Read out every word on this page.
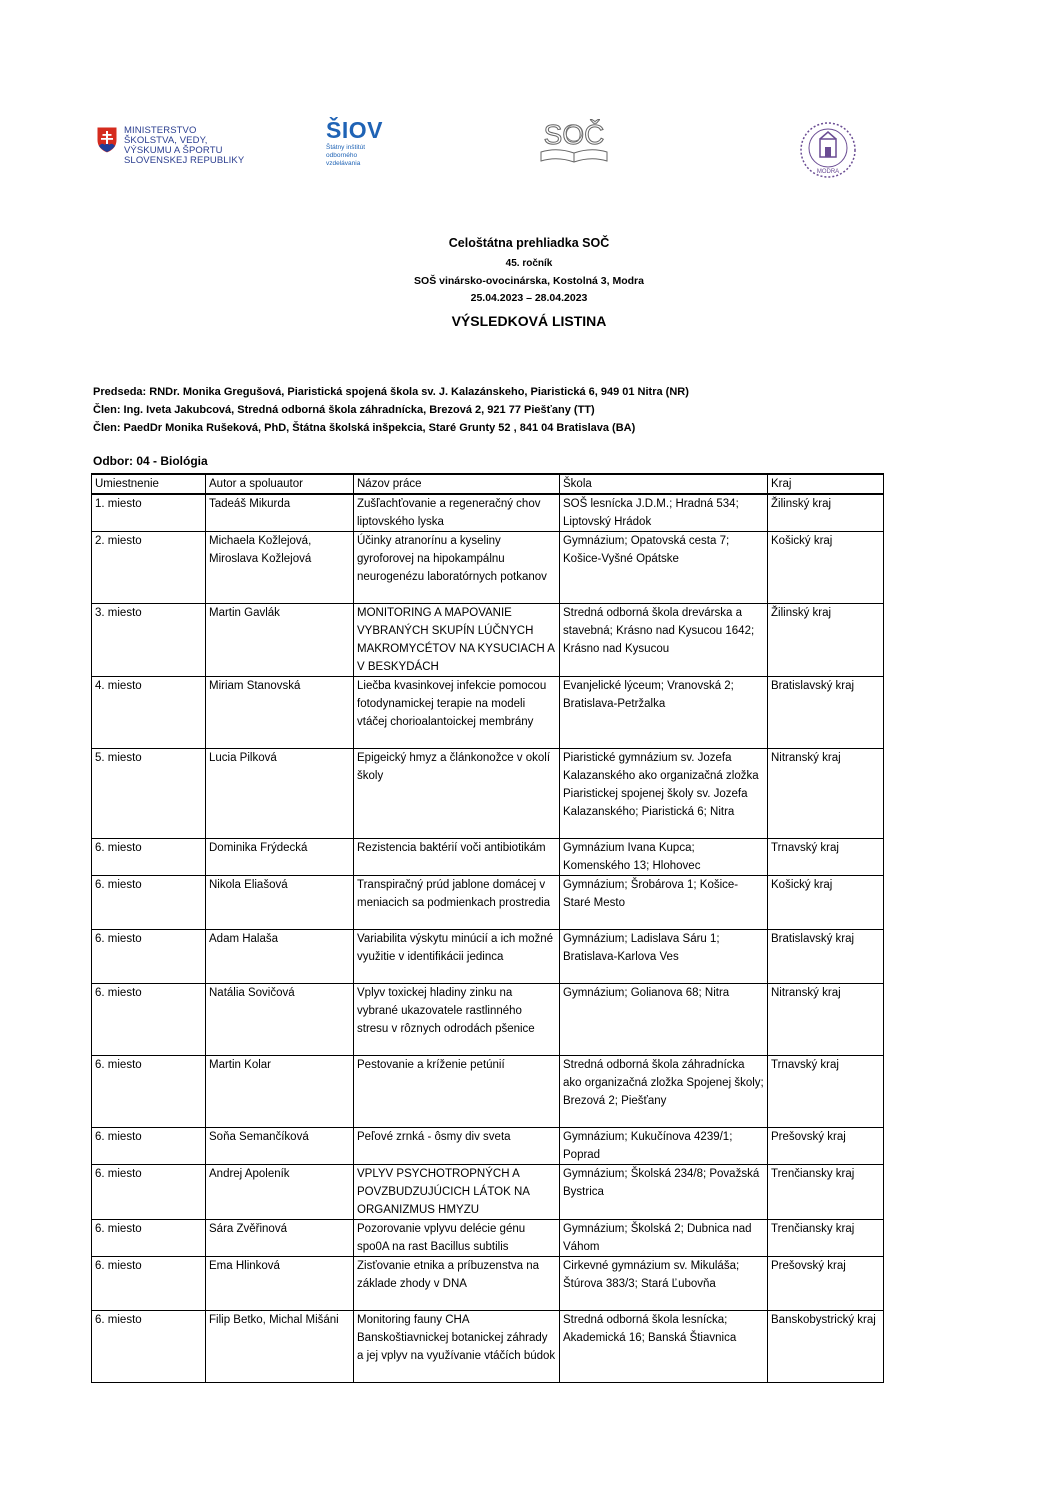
MINISTERSTVO
ŠKOLSTVA, VEDY,
VÝSKUMU A ŠPORTU
SLOVENSKEJ REPUBLIKY
ŠIOV
Štátny inštitút odborného vzdelávania
SOČ
MODRA
Celoštátna prehliadka SOČ
45. ročník
SOŠ vinársko-ovocinárska, Kostolná 3, Modra
25.04.2023 – 28.04.2023
VÝSLEDKOVÁ LISTINA
Predseda: RNDr. Monika Gregušová, Piaristická spojená škola sv. J. Kalazánskeho, Piaristická 6, 949 01 Nitra (NR)
Člen: Ing. Iveta Jakubcová, Stredná odborná škola záhradnícka, Brezová 2, 921 77 Piešťany (TT)
Člen: PaedDr Monika Rušeková, PhD, Štátna školská inšpekcia, Staré Grunty 52 , 841 04 Bratislava (BA)
Odbor: 04 - Biológia
Umiestnenie	Autor a spoluautor	Názov práce	Škola	Kraj
1. miesto	Tadeáš Mikurda	Zušľachťovanie a regeneračný chov liptovského lyska	SOŠ lesnícka J.D.M.; Hradná 534; Liptovský Hrádok	Žilinský kraj
2. miesto	Michaela Kožlejová, Miroslava Kožlejová	Účinky atranorínu a kyseliny gyroforovej na hipokampálnu neurogenézu laboratórnych potkanov	Gymnázium; Opatovská cesta 7; Košice-Vyšné Opátske	Košický kraj
3. miesto	Martin Gavlák	MONITORING A MAPOVANIE VYBRANÝCH SKUPÍN LÚČNYCH MAKROMYCÉTOV NA KYSUCIACH A V BESKYDÁCH	Stredná odborná škola drevárska a stavebná; Krásno nad Kysucou 1642; Krásno nad Kysucou	Žilinský kraj
4. miesto	Miriam Stanovská	Liečba kvasinkovej infekcie pomocou fotodynamickej terapie na modeli vtáčej chorioalantoickej membrány	Evanjelické lýceum; Vranovská 2; Bratislava-Petržalka	Bratislavský kraj
5. miesto	Lucia Pilková	Epigeický hmyz a článkonožce v okolí školy	Piaristické gymnázium sv. Jozefa Kalazanského ako organizačná zložka Piaristickej spojenej školy sv. Jozefa Kalazanského; Piaristická 6; Nitra	Nitranský kraj
6. miesto	Dominika Frýdecká	Rezistencia baktérií voči antibiotikám	Gymnázium Ivana Kupca; Komenského 13; Hlohovec	Trnavský kraj
6. miesto	Nikola Eliašová	Transpiračný prúd jablone domácej v meniacich sa podmienkach prostredia	Gymnázium; Šrobárova 1; Košice-Staré Mesto	Košický kraj
6. miesto	Adam Halaša	Variabilita výskytu minúcií a ich možné využitie v identifikácii jedinca	Gymnázium; Ladislava Sáru 1; Bratislava-Karlova Ves	Bratislavský kraj
6. miesto	Natália Sovičová	Vplyv toxickej hladiny zinku na vybrané ukazovatele rastlinného stresu v rôznych odrodách pšenice	Gymnázium; Golianova 68; Nitra	Nitranský kraj
6. miesto	Martin Kolar	Pestovanie a kríženie petúnií	Stredná odborná škola záhradnícka ako organizačná zložka Spojenej školy; Brezová 2; Piešťany	Trnavský kraj
6. miesto	Soňa Semančíková	Peľové zrnká - ôsmy div sveta	Gymnázium; Kukučínova 4239/1; Poprad	Prešovský kraj
6. miesto	Andrej Apoleník	VPLYV PSYCHOTROPNÝCH A POVZBUDZUJÚCICH LÁTOK NA ORGANIZMUS HMYZU	Gymnázium; Školská 234/8; Považská Bystrica	Trenčiansky kraj
6. miesto	Sára Zvěřinová	Pozorovanie vplyvu delécie génu spo0A na rast Bacillus subtilis	Gymnázium; Školská 2; Dubnica nad Váhom	Trenčiansky kraj
6. miesto	Ema Hlinková	Zisťovanie etnika a príbuzenstva na základe zhody v DNA	Cirkevné gymnázium sv. Mikuláša; Štúrova 383/3; Stará Ľubovňa	Prešovský kraj
6. miesto	Filip Betko, Michal Mišáni	Monitoring fauny CHA Banskoštiavnickej botanickej záhrady a jej vplyv na využívanie vtáčích búdok	Stredná odborná škola lesnícka; Akademická 16; Banská Štiavnica	Banskobystrický kraj
